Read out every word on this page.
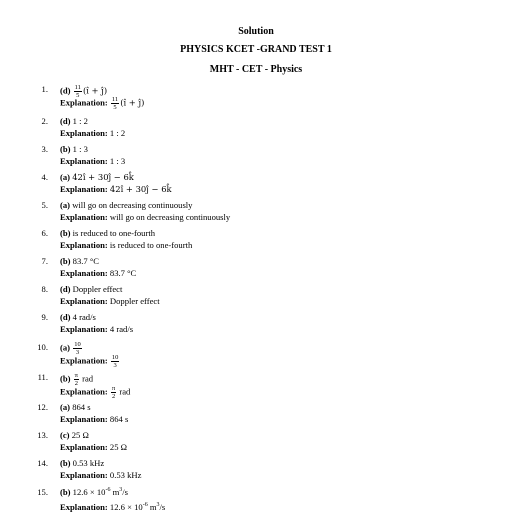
Solution
PHYSICS KCET -GRAND TEST 1
MHT - CET - Physics
1. $(d) \frac{11}{5}$ (î + ĵ)
Explanation: $\frac{11}{5}$ (î + ĵ)
2. (d) 1 : 2
Explanation: 1 : 2
3. (b) 1 : 3
Explanation: 1 : 3
4. (a) 42î + 30ĵ − 6k̂
Explanation: 42î + 30ĵ − 6k̂
5. (a) will go on decreasing continuously
Explanation: will go on decreasing continuously
6. (b) is reduced to one-fourth
Explanation: is reduced to one-fourth
7. (b) 83.7 °C
Explanation: 83.7 °C
8. (d) Doppler effect
Explanation: Doppler effect
9. (d) 4 rad/s
Explanation: 4 rad/s
10. $(a) \frac{10}{3}$
Explanation: $\frac{10}{3}$
11. $(b) \frac{\pi}{2}$ rad
Explanation: $\frac{\pi}{2}$ rad
12. (a) 864 s
Explanation: 864 s
13. (c) 25 Ω
Explanation: 25 Ω
14. (b) 0.53 kHz
Explanation: 0.53 kHz
15. (b) $12.6 \times 10^{-6}$ $m^3/s$
Explanation: $12.6 \times 10^{-6}$ $m^3/s$
